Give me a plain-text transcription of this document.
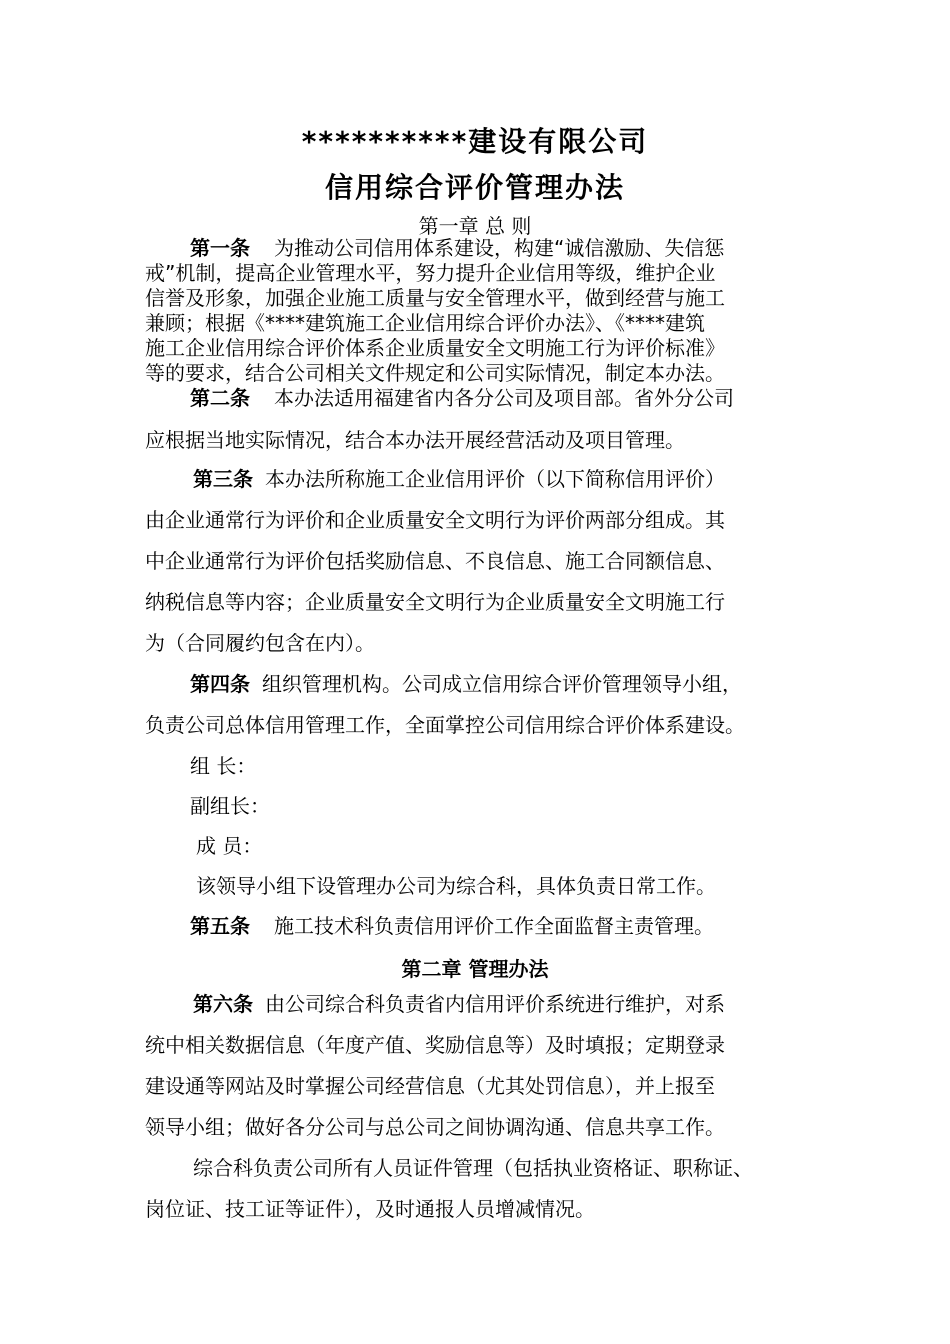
**********建设有限公司
信用综合评价管理办法
第一章 总 则
第一条 为推动公司信用体系建设，构建“诚信激励、失信惩
戒”机制，提高企业管理水平，努力提升企业信用等级，维护企业
信誉及形象，加强企业施工质量与安全管理水平，做到经营与施工
兼顾；根据《****建筑施工企业信用综合评价办法》、《****建筑
施工企业信用综合评价体系企业质量安全文明施工行为评价标准》
等的要求，结合公司相关文件规定和公司实际情况，制定本办法。
第二条 本办法适用福建省内各分公司及项目部。省外分公司
应根据当地实际情况，结合本办法开展经营活动及项目管理。
第三条 本办法所称施工企业信用评价（以下简称信用评价）
由企业通常行为评价和企业质量安全文明行为评价两部分组成。其
中企业通常行为评价包括奖励信息、不良信息、施工合同额信息、
纳税信息等内容；企业质量安全文明行为企业质量安全文明施工行
为（合同履约包含在内）。
第四条 组织管理机构。公司成立信用综合评价管理领导小组，
负责公司总体信用管理工作，全面掌控公司信用综合评价体系建设。
组 长：
副组长：
成 员：
该领导小组下设管理办公司为综合科，具体负责日常工作。
第五条 施工技术科负责信用评价工作全面监督主责管理。
第二章 管理办法
第六条 由公司综合科负责省内信用评价系统进行维护，对系
统中相关数据信息（年度产值、奖励信息等）及时填报；定期登录
建设通等网站及时掌握公司经营信息（尤其处罚信息），并上报至
领导小组；做好各分公司与总公司之间协调沟通、信息共享工作。
综合科负责公司所有人员证件管理（包括执业资格证、职称证、
岗位证、技工证等证件），及时通报人员增减情况。
